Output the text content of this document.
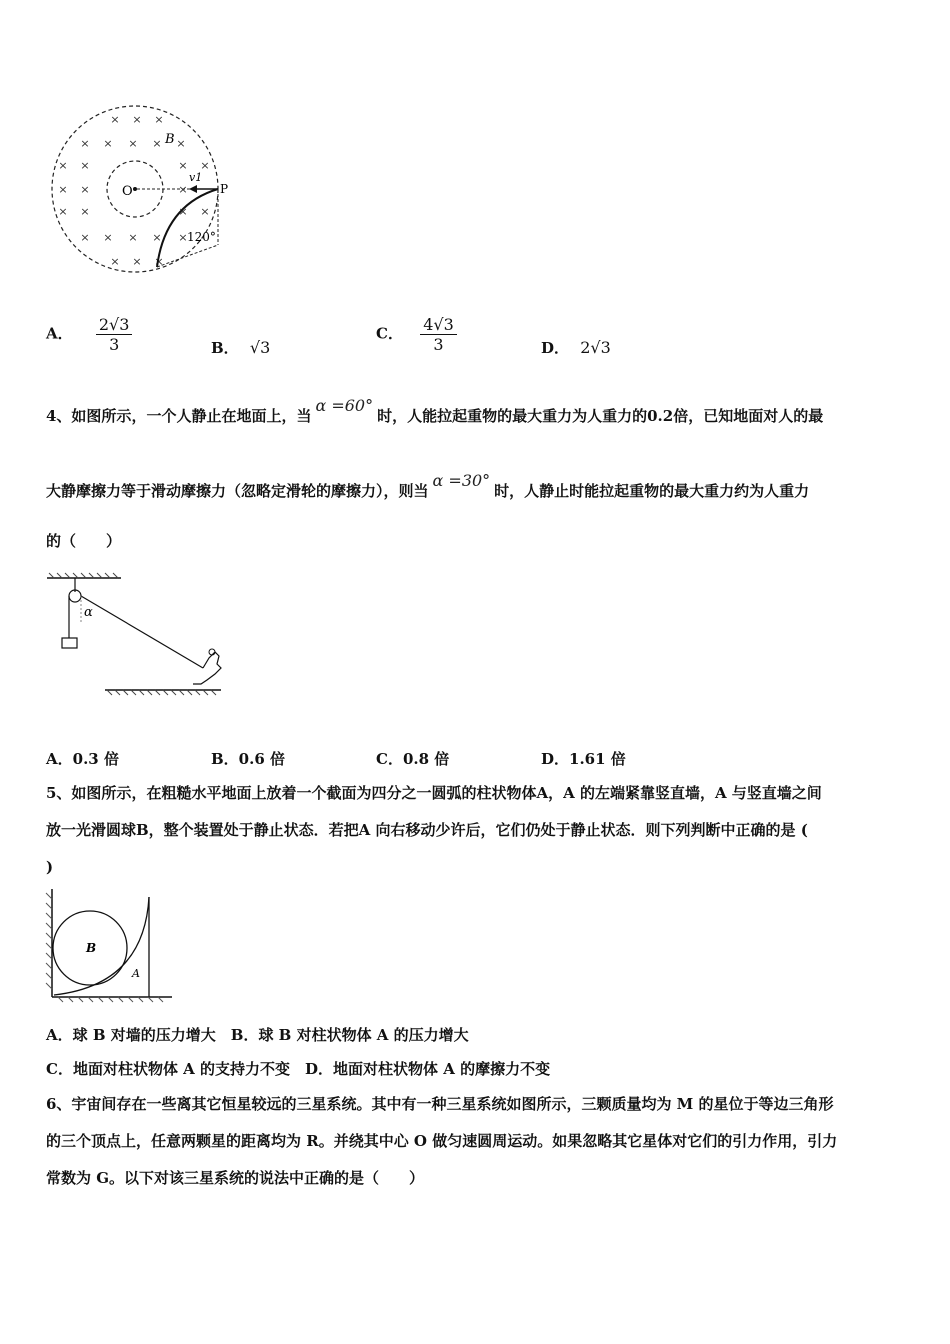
× × ×
× × × × ×
× ×	× ×
× ×	×
× ×	× ×
× × × × ×
× × ×
B
O	P
v1
120°
A． $\frac{2√3}{3}$	B． √3
C． $\frac{4√3}{3}$	D． 2√3
4、如图所示，一个人静止在地面上，当α =60°时，人能拉起重物的最大重力为人重力的0.2倍，已知地面对人的最
大静摩擦力等于滑动摩擦力（忽略定滑轮的摩擦力），则当α =30°时，人静止时能拉起重物的最大重力约为人重力
的（　　）
α
A．0.3 倍	B．0.6 倍	C．0.8 倍	D．1.61 倍
5、如图所示，在粗糙水平地面上放着一个截面为四分之一圆弧的柱状物体A，A 的左端紧靠竖直墙，A 与竖直墙之间
放一光滑圆球B，整个装置处于静止状态．若把A 向右移动少许后，它们仍处于静止状态．则下列判断中正确的是 (
)
B
A
A．球 B 对墙的压力增大　B．球 B 对柱状物体 A 的压力增大
C．地面对柱状物体 A 的支持力不变　D．地面对柱状物体 A 的摩擦力不变
6、宇宙间存在一些离其它恒星较远的三星系统。其中有一种三星系统如图所示，三颗质量均为 M 的星位于等边三角形
的三个顶点上，任意两颗星的距离均为 R。并绕其中心 O 做匀速圆周运动。如果忽略其它星体对它们的引力作用，引力
常数为 G。以下对该三星系统的说法中正确的是（　　）
